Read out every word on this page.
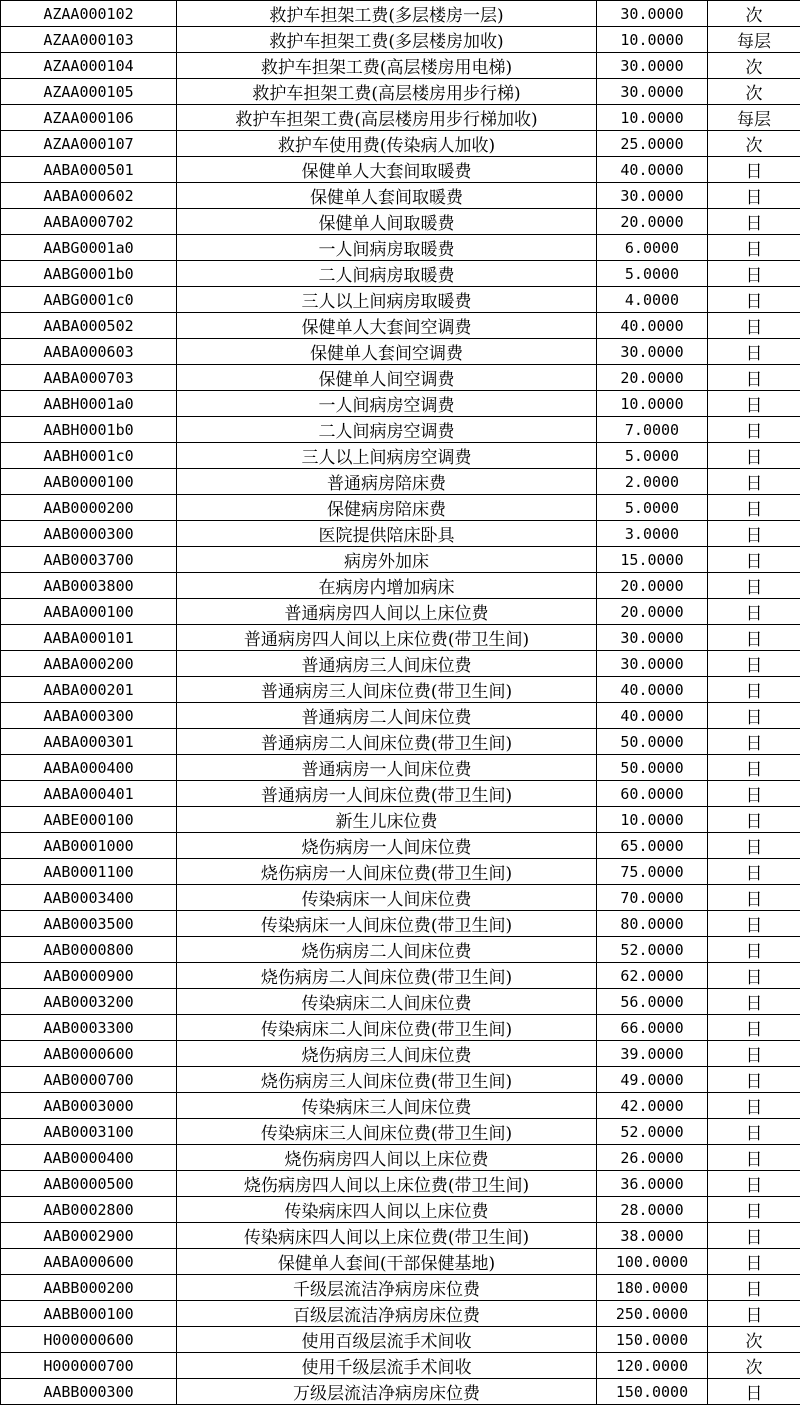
AZAA000102	救护车担架工费(多层楼房一层)	30.0000	次
AZAA000103	救护车担架工费(多层楼房加收)	10.0000	每层
AZAA000104	救护车担架工费(高层楼房用电梯)	30.0000	次
AZAA000105	救护车担架工费(高层楼房用步行梯)	30.0000	次
AZAA000106	救护车担架工费(高层楼房用步行梯加收)	10.0000	每层
AZAA000107	救护车使用费(传染病人加收)	25.0000	次
AABA000501	保健单人大套间取暖费	40.0000	日
AABA000602	保健单人套间取暖费	30.0000	日
AABA000702	保健单人间取暖费	20.0000	日
AABG0001a0	一人间病房取暖费	6.0000	日
AABG0001b0	二人间病房取暖费	5.0000	日
AABG0001c0	三人以上间病房取暖费	4.0000	日
AABA000502	保健单人大套间空调费	40.0000	日
AABA000603	保健单人套间空调费	30.0000	日
AABA000703	保健单人间空调费	20.0000	日
AABH0001a0	一人间病房空调费	10.0000	日
AABH0001b0	二人间病房空调费	7.0000	日
AABH0001c0	三人以上间病房空调费	5.0000	日
AAB0000100	普通病房陪床费	2.0000	日
AAB0000200	保健病房陪床费	5.0000	日
AAB0000300	医院提供陪床卧具	3.0000	日
AAB0003700	病房外加床	15.0000	日
AAB0003800	在病房内增加病床	20.0000	日
AABA000100	普通病房四人间以上床位费	20.0000	日
AABA000101	普通病房四人间以上床位费(带卫生间)	30.0000	日
AABA000200	普通病房三人间床位费	30.0000	日
AABA000201	普通病房三人间床位费(带卫生间)	40.0000	日
AABA000300	普通病房二人间床位费	40.0000	日
AABA000301	普通病房二人间床位费(带卫生间)	50.0000	日
AABA000400	普通病房一人间床位费	50.0000	日
AABA000401	普通病房一人间床位费(带卫生间)	60.0000	日
AABE000100	新生儿床位费	10.0000	日
AAB0001000	烧伤病房一人间床位费	65.0000	日
AAB0001100	烧伤病房一人间床位费(带卫生间)	75.0000	日
AAB0003400	传染病床一人间床位费	70.0000	日
AAB0003500	传染病床一人间床位费(带卫生间)	80.0000	日
AAB0000800	烧伤病房二人间床位费	52.0000	日
AAB0000900	烧伤病房二人间床位费(带卫生间)	62.0000	日
AAB0003200	传染病床二人间床位费	56.0000	日
AAB0003300	传染病床二人间床位费(带卫生间)	66.0000	日
AAB0000600	烧伤病房三人间床位费	39.0000	日
AAB0000700	烧伤病房三人间床位费(带卫生间)	49.0000	日
AAB0003000	传染病床三人间床位费	42.0000	日
AAB0003100	传染病床三人间床位费(带卫生间)	52.0000	日
AAB0000400	烧伤病房四人间以上床位费	26.0000	日
AAB0000500	烧伤病房四人间以上床位费(带卫生间)	36.0000	日
AAB0002800	传染病床四人间以上床位费	28.0000	日
AAB0002900	传染病床四人间以上床位费(带卫生间)	38.0000	日
AABA000600	保健单人套间(干部保健基地)	100.0000	日
AABB000200	千级层流洁净病房床位费	180.0000	日
AABB000100	百级层流洁净病房床位费	250.0000	日
H000000600	使用百级层流手术间收	150.0000	次
H000000700	使用千级层流手术间收	120.0000	次
AABB000300	万级层流洁净病房床位费	150.0000	日
